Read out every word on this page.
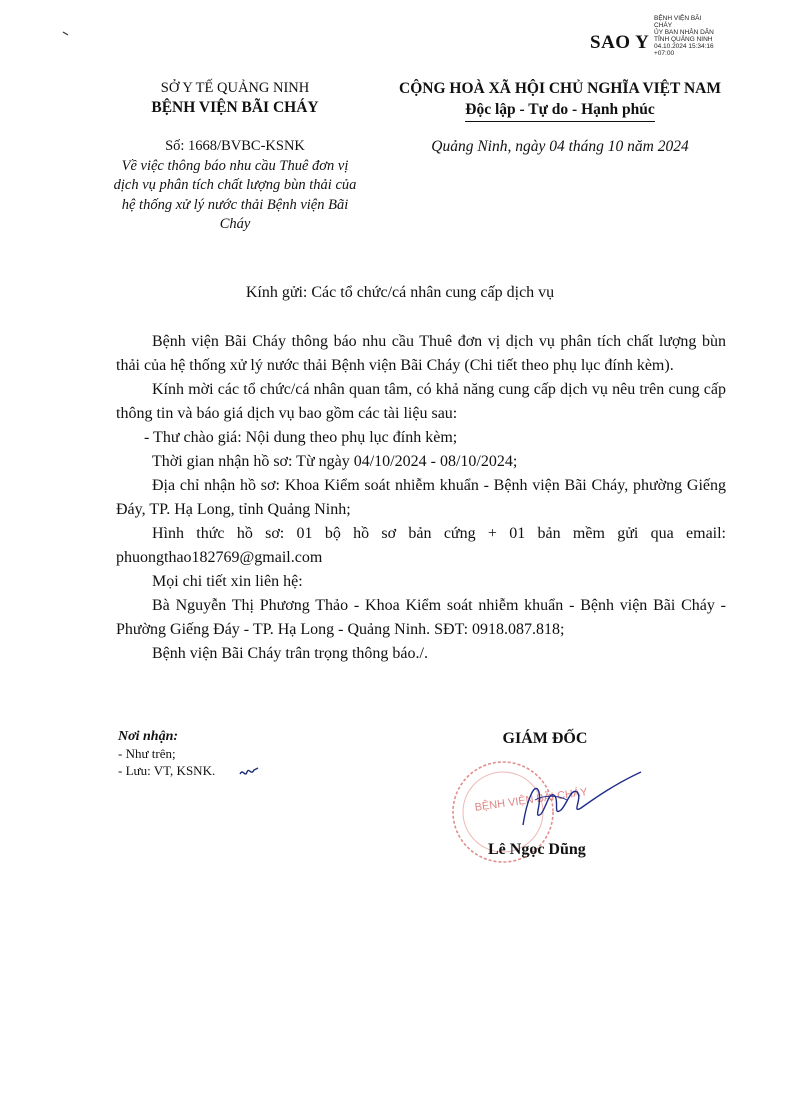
SAO Y
BỆNH VIỆN BÃI
CHÁY
ỦY BAN NHÂN DÂN
TỈNH QUẢNG NINH
04.10.2024 15:34:16
+07:00
SỞ Y TẾ QUẢNG NINH
BỆNH VIỆN BÃI CHÁY
Số: 1668/BVBC-KSNK
Về việc thông báo nhu cầu Thuê đơn vị dịch vụ phân tích chất lượng bùn thải của hệ thống xử lý nước thải Bệnh viện Bãi Cháy
CỘNG HOÀ XÃ HỘI CHỦ NGHĨA VIỆT NAM
Độc lập - Tự do - Hạnh phúc
Quảng Ninh, ngày 04 tháng 10 năm 2024
Kính gửi: Các tổ chức/cá nhân cung cấp dịch vụ

Bệnh viện Bãi Cháy thông báo nhu cầu Thuê đơn vị dịch vụ phân tích chất lượng bùn thải của hệ thống xử lý nước thải Bệnh viện Bãi Cháy (Chi tiết theo phụ lục đính kèm).

Kính mời các tổ chức/cá nhân quan tâm, có khả năng cung cấp dịch vụ nêu trên cung cấp thông tin và báo giá dịch vụ bao gồm các tài liệu sau:

- Thư chào giá: Nội dung theo phụ lục đính kèm;

Thời gian nhận hồ sơ: Từ ngày 04/10/2024 - 08/10/2024;

Địa chỉ nhận hồ sơ: Khoa Kiểm soát nhiễm khuẩn - Bệnh viện Bãi Cháy, phường Giếng Đáy, TP. Hạ Long, tỉnh Quảng Ninh;

Hình thức hồ sơ: 01 bộ hồ sơ bản cứng + 01 bản mềm gửi qua email: phuongthao182769@gmail.com

Mọi chi tiết xin liên hệ:

Bà Nguyễn Thị Phương Thảo - Khoa Kiểm soát nhiễm khuẩn - Bệnh viện Bãi Cháy - Phường Giếng Đáy - TP. Hạ Long - Quảng Ninh. SĐT: 0918.087.818;

Bệnh viện Bãi Cháy trân trọng thông báo./.

Nơi nhận:
- Như trên;
- Lưu: VT, KSNK.
GIÁM ĐỐC
BỆNH VIỆN BÃI CHÁY
Lê Ngọc Dũng
